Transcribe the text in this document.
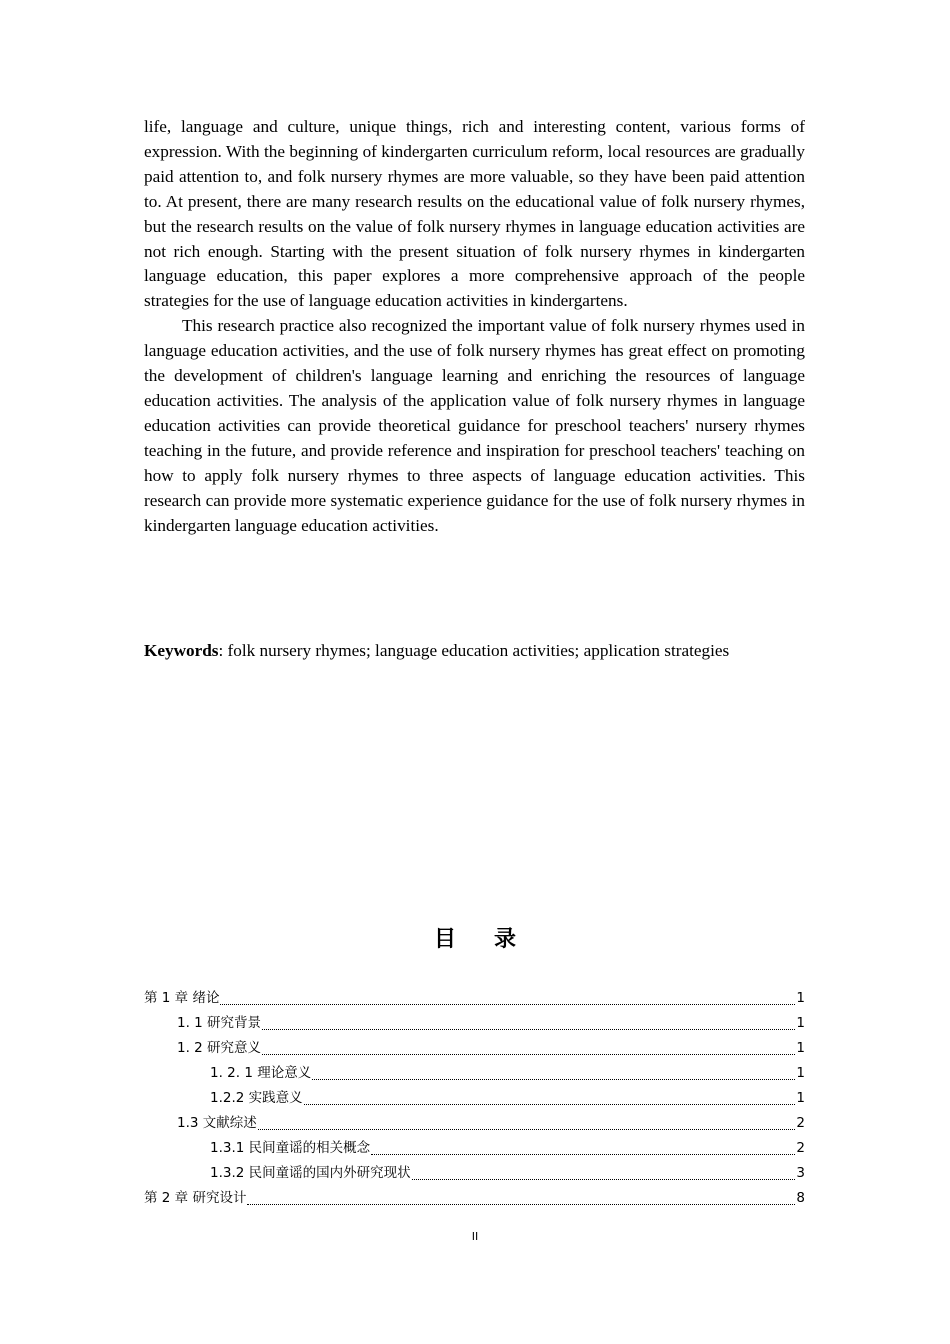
life, language and culture, unique things, rich and interesting content, various forms of expression. With the beginning of kindergarten curriculum reform, local resources are gradually paid attention to, and folk nursery rhymes are more valuable, so they have been paid attention to. At present, there are many research results on the educational value of folk nursery rhymes, but the research results on the value of folk nursery rhymes in language education activities are not rich enough. Starting with the present situation of folk nursery rhymes in kindergarten language education, this paper explores a more comprehensive approach of the people strategies for the use of language education activities in kindergartens.

This research practice also recognized the important value of folk nursery rhymes used in language education activities, and the use of folk nursery rhymes has great effect on promoting the development of children's language learning and enriching the resources of language education activities. The analysis of the application value of folk nursery rhymes in language education activities can provide theoretical guidance for preschool teachers' nursery rhymes teaching in the future, and provide reference and inspiration for preschool teachers' teaching on how to apply folk nursery rhymes to three aspects of language education activities. This research can provide more systematic experience guidance for the use of folk nursery rhymes in kindergarten language education activities.

Keywords: folk nursery rhymes; language education activities; application strategies
目录
第 1 章 绪论	1
1. 1 研究背景	1
1. 2 研究意义	1
1. 2. 1 理论意义	1
1.2.2 实践意义	1
1.3 文献综述	2
1.3.1 民间童谣的相关概念	2
1.3.2 民间童谣的国内外研究现状	3
第 2 章 研究设计	8
II
